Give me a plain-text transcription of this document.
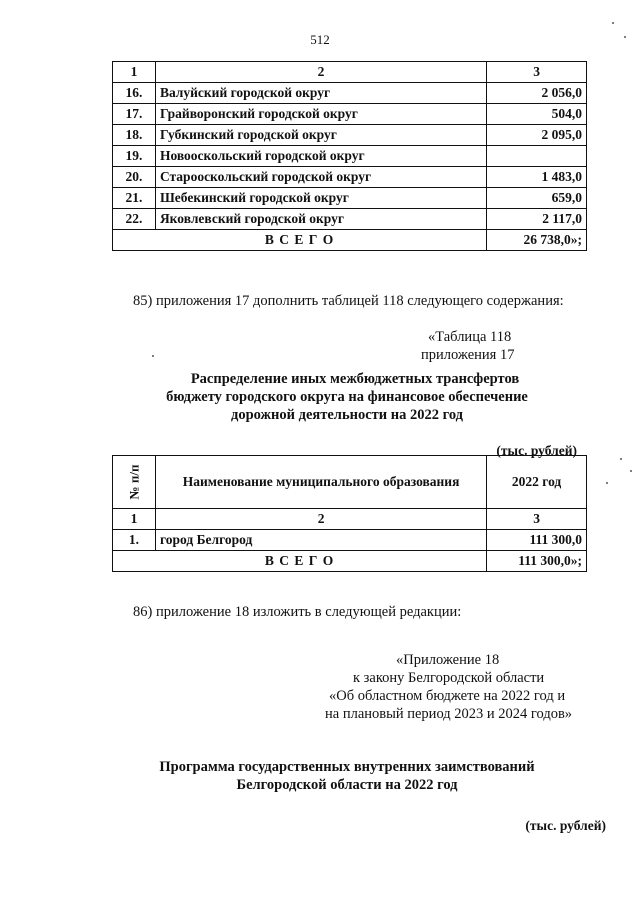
512
1	2	3
16.	Валуйский городской округ	2 056,0
17.	Грайворонский городской округ	504,0
18.	Губкинский городской округ	2 095,0
19.	Новооскольский городской округ	
20.	Старооскольский городской округ	1 483,0
21.	Шебекинский городской округ	659,0
22.	Яковлевский городской округ	2 117,0
В С Е Г О		26 738,0»;
85) приложения 17 дополнить таблицей 118 следующего содержания:
«Таблица 118
приложения 17
Распределение иных межбюджетных трансфертов
бюджету городского округа на финансовое обеспечение
дорожной деятельности на 2022 год
(тыс. рублей)
№ п/п	Наименование муниципального образования	2022 год
1	2	3
1.	город Белгород	111 300,0
В С Е Г О		111 300,0»;
86) приложение 18 изложить в следующей редакции:
«Приложение 18
к закону Белгородской области
«Об областном бюджете на 2022 год и
на плановый период 2023 и 2024 годов»
Программа государственных внутренних заимствований
Белгородской области на 2022 год
(тыс. рублей)
